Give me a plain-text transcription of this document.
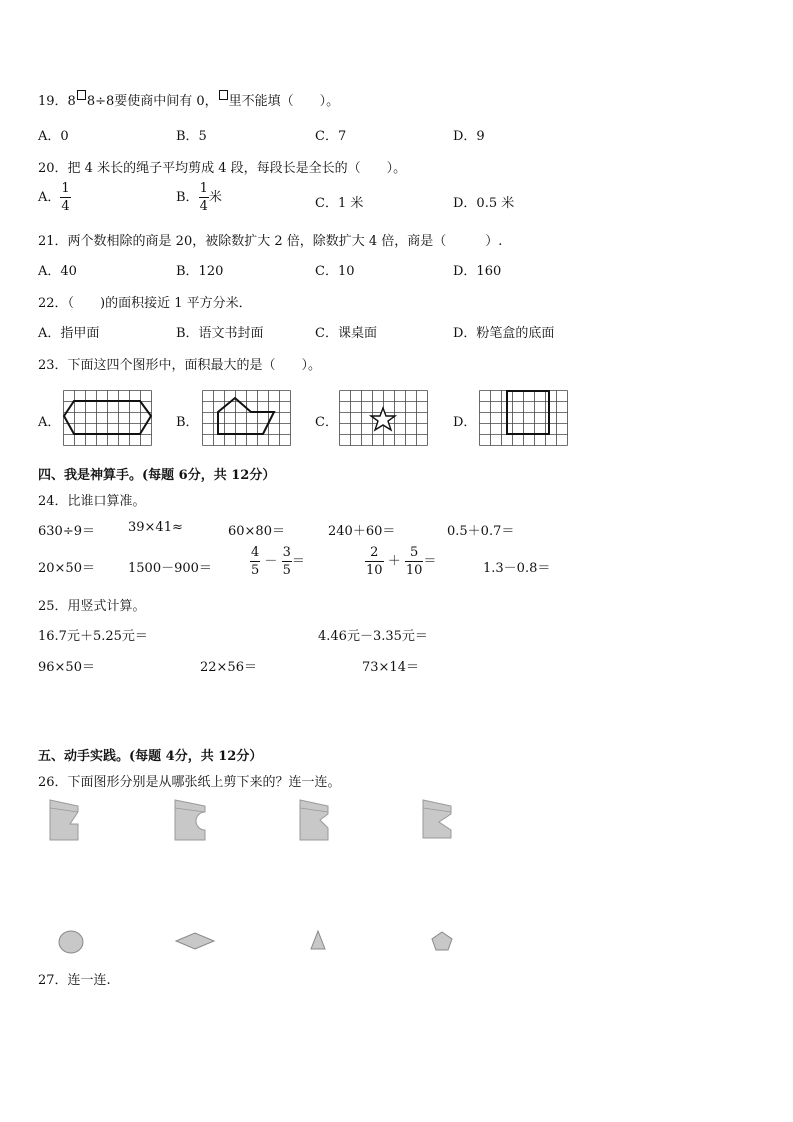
19．8 8÷8要使商中间有 0， 里不能填（　　）。
A．0	B．5	C．7	D．9
20．把 4 米长的绳子平均剪成 4 段，每段长是全长的（　　）。
A． $\frac{1}{4}$	B． $\frac{1}{4}$ 米	C．1 米	D．0.5 米
21．两个数相除的商是 20，被除数扩大 2 倍，除数扩大 4 倍，商是（　　　）.
A．40	B．120	C．10	D．160
22．（　　)的面积接近 1 平方分米．
A．指甲面	B．语文书封面	C．课桌面	D．粉笔盒的底面
23．下面这四个图形中，面积最大的是（　　）。
A．	B．	C．	D．
四、我是神算手。(每题 6分，共 12分）
24．比谁口算准。
630÷9＝	39×41≈	60×80＝	240＋60＝	0.5＋0.7＝
20×50＝	1500－900＝	$\frac{4}{5} - \frac{3}{5}$ ＝	$\frac{2}{10} + \frac{5}{10}$ ＝	1.3－0.8＝
25．用竖式计算。
16.7元＋5.25元＝	4.46元－3.35元＝
96×50＝	22×56＝	73×14＝
五、动手实践。(每题 4分，共 12分）
26．下面图形分别是从哪张纸上剪下来的？连一连。
27．连一连.
